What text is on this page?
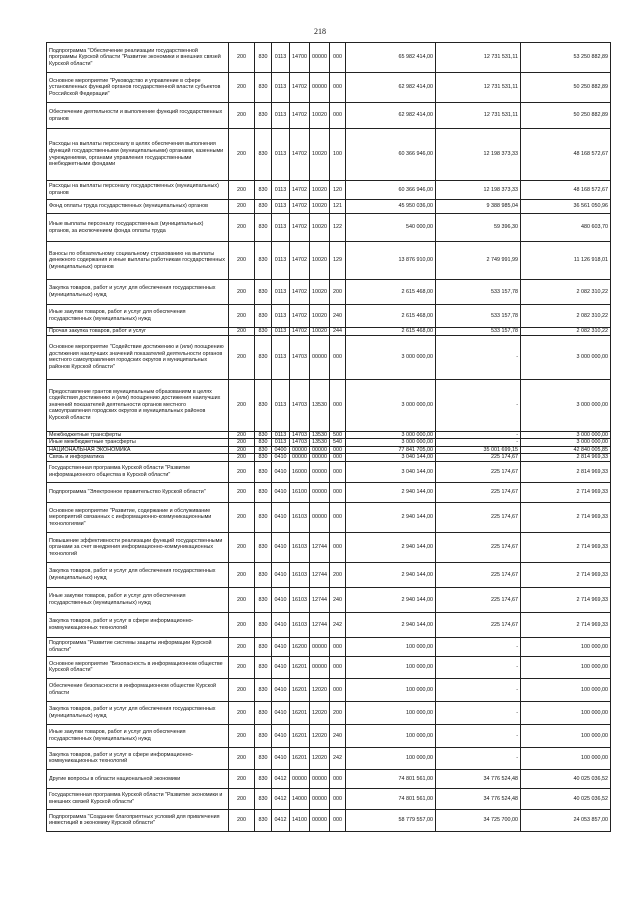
218
Подпрограмма "Обеспечение реализации государственной программы Курской области "Развитие экономики и внешних связей Курской области"	200	830	0113	14700	00000	000	65 982 414,00	12 731 531,11	53 250 882,89
Основное мероприятие "Руководство и управление в сфере установленных функций органов государственной власти субъектов Российской Федерации"	200	830	0113	14702	00000	000	62 982 414,00	12 731 531,11	50 250 882,89
Обеспечение деятельности и выполнение функций государственных органов	200	830	0113	14702	10020	000	62 982 414,00	12 731 531,11	50 250 882,89
Расходы на выплаты персоналу в целях обеспечения выполнения функций государственными (муниципальными) органами, казенными учреждениями, органами управления государственными внебюджетными фондами	200	830	0113	14702	10020	100	60 366 946,00	12 198 373,33	48 168 572,67
Расходы на выплаты персоналу государственных (муниципальных) органов	200	830	0113	14702	10020	120	60 366 946,00	12 198 373,33	48 168 572,67
Фонд оплаты труда государственных (муниципальных) органов	200	830	0113	14702	10020	121	45 950 036,00	9 388 985,04	36 561 050,96
Иные выплаты персоналу государственных (муниципальных) органов, за исключением фонда оплаты труда	200	830	0113	14702	10020	122	540 000,00	59 396,30	480 603,70
Взносы по обязательному социальному страхованию на выплаты денежного содержания и иные выплаты работникам государственных (муниципальных) органов	200	830	0113	14702	10020	129	13 876 910,00	2 749 991,99	11 126 918,01
Закупка товаров, работ и услуг для обеспечения государственных (муниципальных) нужд	200	830	0113	14702	10020	200	2 615 468,00	533 157,78	2 082 310,22
Иные закупки товаров, работ и услуг для обеспечения государственных (муниципальных) нужд	200	830	0113	14702	10020	240	2 615 468,00	533 157,78	2 082 310,22
Прочая закупка товаров, работ и услуг	200	830	0113	14702	10020	244	2 615 468,00	533 157,78	2 082 310,22
Основное мероприятие "Содействие достижению и (или) поощрению достижения наилучших значений показателей деятельности органов местного самоуправления городских округов и муниципальных районов Курской области"	200	830	0113	14703	00000	000	3 000 000,00	-	3 000 000,00
Предоставление грантов муниципальным образованиям в целях содействия достижению и (или) поощрению достижения наилучших значений показателей деятельности органов местного самоуправления городских округов и муниципальных районов Курской области	200	830	0113	14703	13530	000	3 000 000,00	-	3 000 000,00
Межбюджетные трансферты	200	830	0113	14703	13530	500	3 000 000,00	-	3 000 000,00
Иные межбюджетные трансферты	200	830	0113	14703	13530	540	3 000 000,00	-	3 000 000,00
НАЦИОНАЛЬНАЯ ЭКОНОМИКА	200	830	0400	00000	00000	000	77 841 705,00	35 001 699,15	42 840 005,85
Связь и информатика	200	830	0410	00000	00000	000	3 040 144,00	225 174,67	2 814 969,33
Государственная программа Курской области "Развитие информационного общества в Курской области"	200	830	0410	16000	00000	000	3 040 144,00	225 174,67	2 814 969,33
Подпрограмма "Электронное правительство Курской области"	200	830	0410	16100	00000	000	2 940 144,00	225 174,67	2 714 969,33
Основное мероприятие "Развитие, содержание и обслуживание мероприятий связанных с информационно-коммуникационными технологиями"	200	830	0410	16103	00000	000	2 940 144,00	225 174,67	2 714 969,33
Повышение эффективности реализации функций государственными органами за счет внедрения информационно-коммуникационных технологий	200	830	0410	16103	12744	000	2 940 144,00	225 174,67	2 714 969,33
Закупка товаров, работ и услуг для обеспечения государственных (муниципальных) нужд	200	830	0410	16103	12744	200	2 940 144,00	225 174,67	2 714 969,33
Иные закупки товаров, работ и услуг для обеспечения государственных (муниципальных) нужд	200	830	0410	16103	12744	240	2 940 144,00	225 174,67	2 714 969,33
Закупка товаров, работ и услуг в сфере информационно-коммуникационных технологий	200	830	0410	16103	12744	242	2 940 144,00	225 174,67	2 714 969,33
Подпрограмма "Развитие системы защиты информации Курской области"	200	830	0410	16200	00000	000	100 000,00	-	100 000,00
Основное мероприятие "Безопасность в информационном обществе Курской области"	200	830	0410	16201	00000	000	100 000,00	-	100 000,00
Обеспечение безопасности в информационном обществе Курской области	200	830	0410	16201	12020	000	100 000,00	-	100 000,00
Закупка товаров, работ и услуг для обеспечения государственных (муниципальных) нужд	200	830	0410	16201	12020	200	100 000,00	-	100 000,00
Иные закупки товаров, работ и услуг для обеспечения государственных (муниципальных) нужд	200	830	0410	16201	12020	240	100 000,00	-	100 000,00
Закупка товаров, работ и услуг в сфере информационно-коммуникационных технологий	200	830	0410	16201	12020	242	100 000,00	-	100 000,00
Другие вопросы в области национальной экономики	200	830	0412	00000	00000	000	74 801 561,00	34 776 524,48	40 025 036,52
Государственная программа Курской области "Развитие экономики и внешних связей Курской области"	200	830	0412	14000	00000	000	74 801 561,00	34 776 524,48	40 025 036,52
Подпрограмма "Создание благоприятных условий для привлечения инвестиций в экономику Курской области"	200	830	0412	14100	00000	000	58 779 557,00	34 725 700,00	24 053 857,00
